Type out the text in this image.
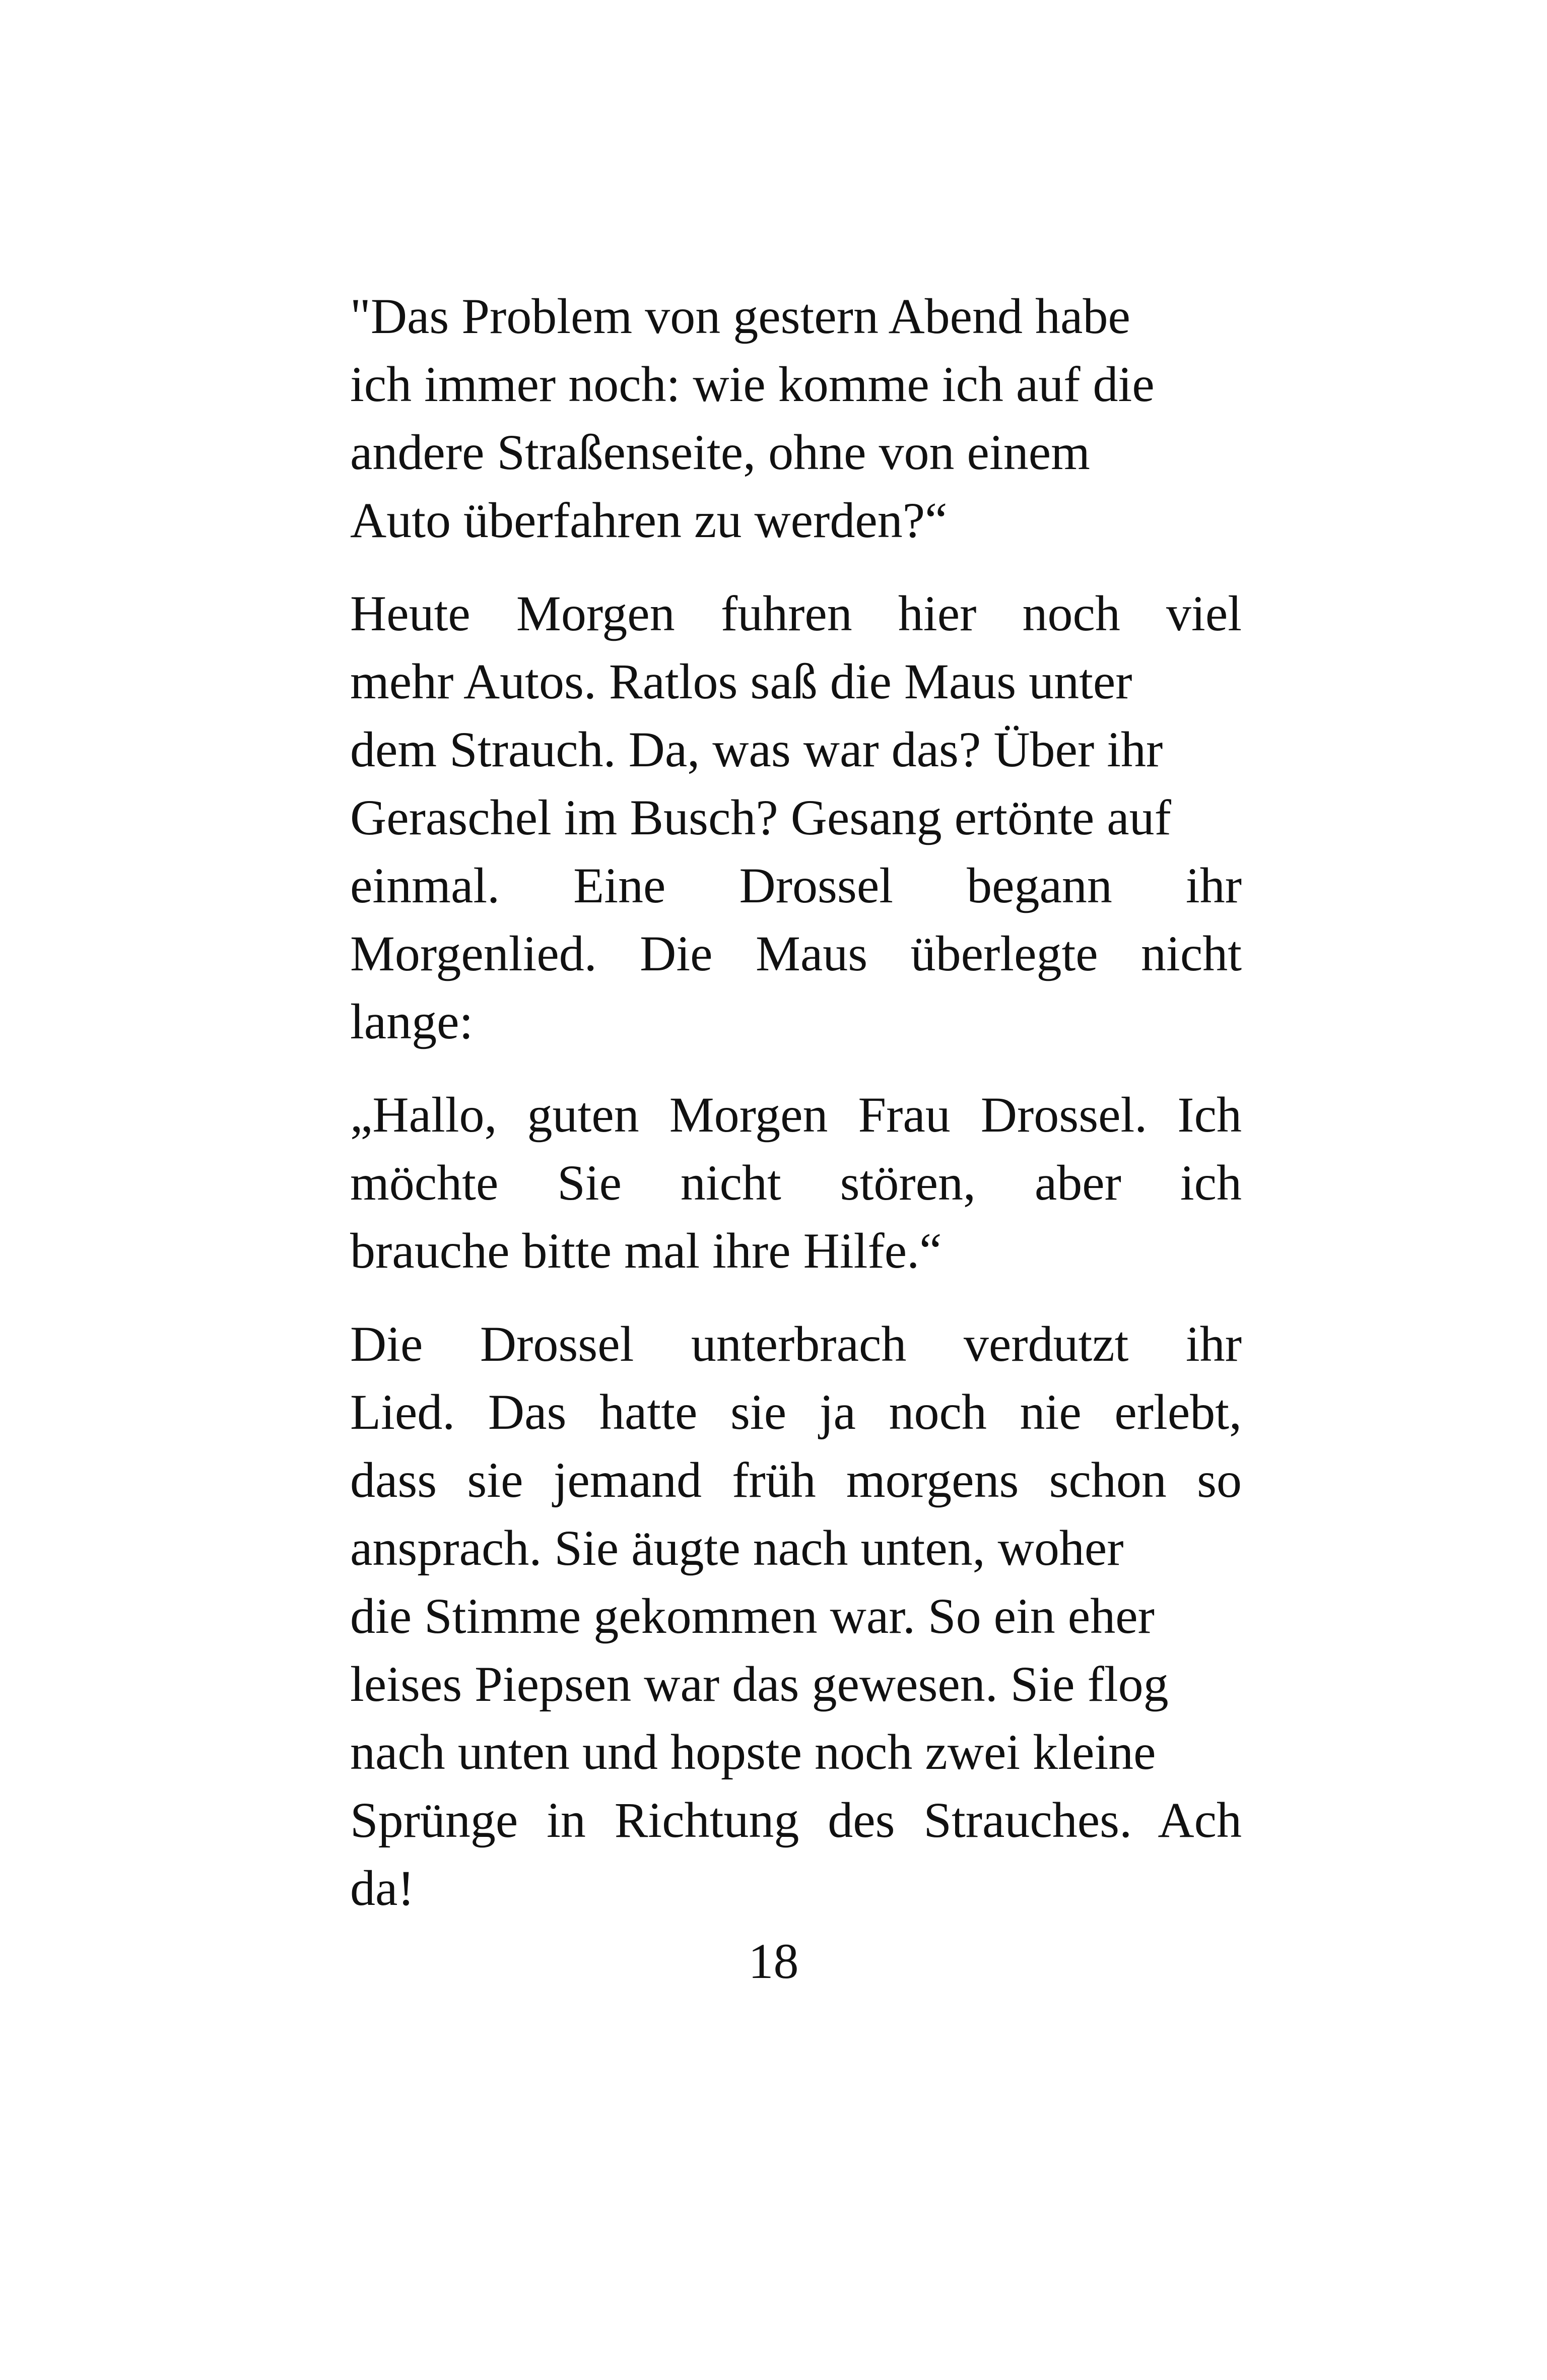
"Das Problem von gestern Abend habe
ich immer noch: wie komme ich auf die
andere Straßenseite, ohne von einem
Auto überfahren zu werden?“
Heute Morgen fuhren hier noch viel
mehr Autos. Ratlos saß die Maus unter
dem Strauch. Da, was war das? Über ihr
Geraschel im Busch? Gesang ertönte auf
einmal. Eine Drossel begann ihr
Morgenlied. Die Maus überlegte nicht
lange:
„Hallo, guten Morgen Frau Drossel. Ich
möchte Sie nicht stören, aber ich
brauche bitte mal ihre Hilfe.“
Die Drossel unterbrach verdutzt ihr
Lied. Das hatte sie ja noch nie erlebt,
dass sie jemand früh morgens schon so
ansprach. Sie äugte nach unten, woher
die Stimme gekommen war. So ein eher
leises Piepsen war das gewesen. Sie flog
nach unten und hopste noch zwei kleine
Sprünge in Richtung des Strauches. Ach
da!
18
